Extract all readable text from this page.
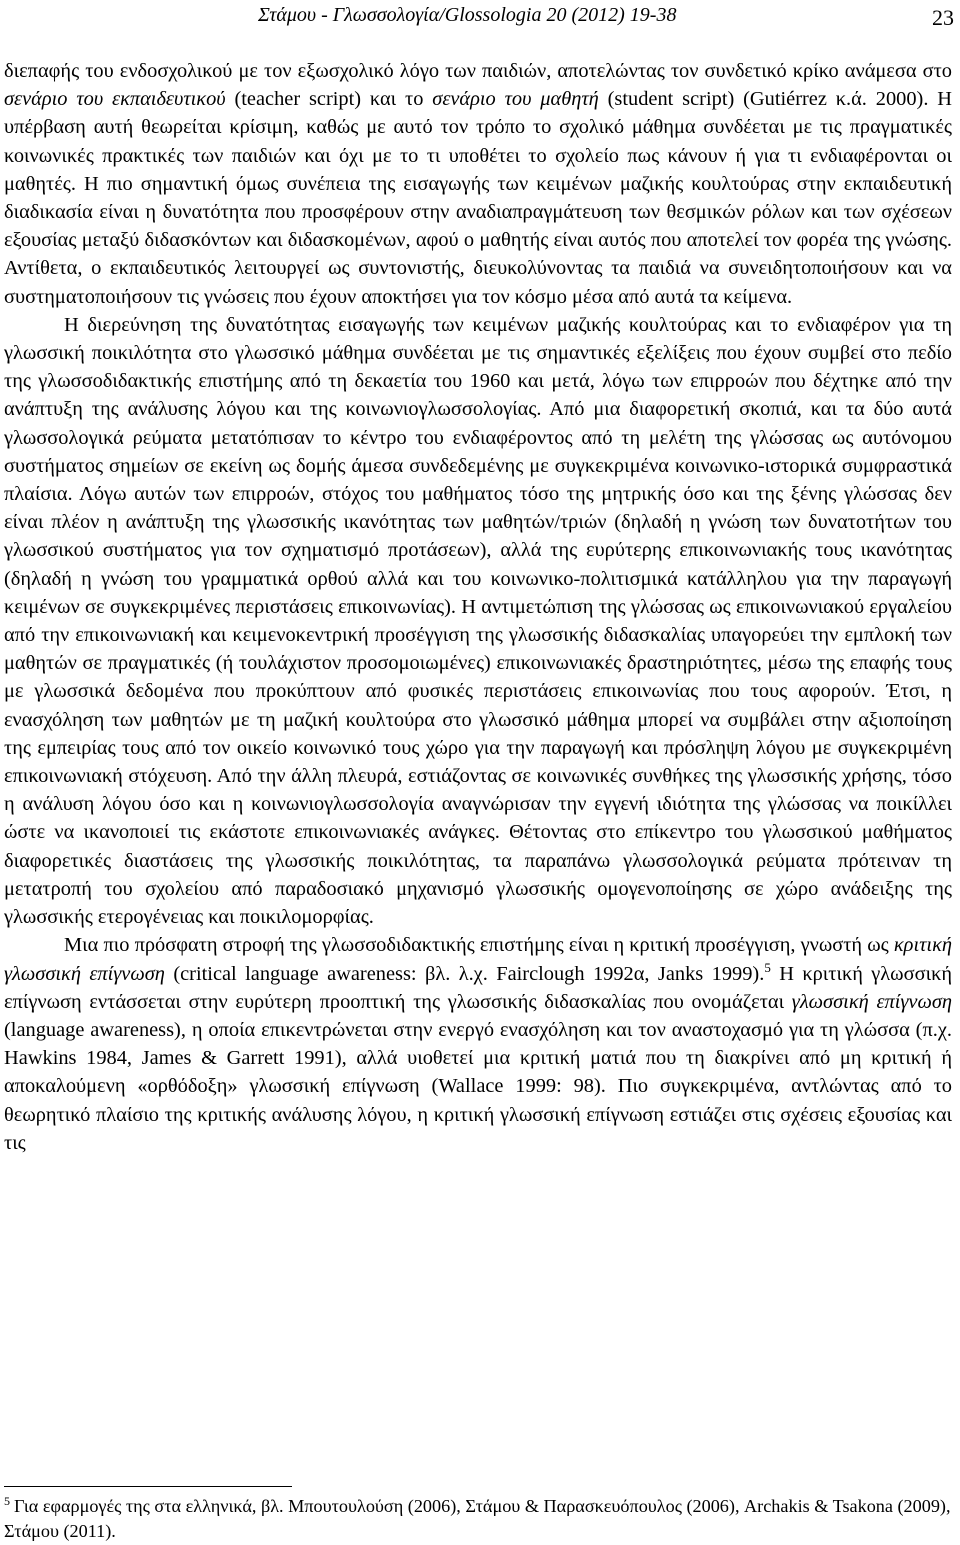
Στάμου - Γλωσσολογία/Glossologia 20 (2012) 19-38	23

διεπαφής του ενδοσχολικού με τον εξωσχολικό λόγο των παιδιών, αποτελώντας τον συνδετικό κρίκο ανάμεσα στο σενάριο του εκπαιδευτικού (teacher script) και το σενάριο του μαθητή (student script) (Gutiérrez κ.ά. 2000). Η υπέρβαση αυτή θεωρείται κρίσιμη, καθώς με αυτό τον τρόπο το σχολικό μάθημα συνδέεται με τις πραγματικές κοινωνικές πρακτικές των παιδιών και όχι με το τι υποθέτει το σχολείο πως κάνουν ή για τι ενδιαφέρονται οι μαθητές. Η πιο σημαντική όμως συνέπεια της εισαγωγής των κειμένων μαζικής κουλτούρας στην εκπαιδευτική διαδικασία είναι η δυνατότητα που προσφέρουν στην αναδιαπραγμάτευση των θεσμικών ρόλων και των σχέσεων εξουσίας μεταξύ διδασκόντων και διδασκομένων, αφού ο μαθητής είναι αυτός που αποτελεί τον φορέα της γνώσης. Αντίθετα, ο εκπαιδευτικός λειτουργεί ως συντονιστής, διευκολύνοντας τα παιδιά να συνειδητοποιήσουν και να συστηματοποιήσουν τις γνώσεις που έχουν αποκτήσει για τον κόσμο μέσα από αυτά τα κείμενα.

Η διερεύνηση της δυνατότητας εισαγωγής των κειμένων μαζικής κουλτούρας και το ενδιαφέρον για τη γλωσσική ποικιλότητα στο γλωσσικό μάθημα συνδέεται με τις σημαντικές εξελίξεις που έχουν συμβεί στο πεδίο της γλωσσοδιδακτικής επιστήμης από τη δεκαετία του 1960 και μετά, λόγω των επιρροών που δέχτηκε από την ανάπτυξη της ανάλυσης λόγου και της κοινωνιογλωσσολογίας. Από μια διαφορετική σκοπιά, και τα δύο αυτά γλωσσολογικά ρεύματα μετατόπισαν το κέντρο του ενδιαφέροντος από τη μελέτη της γλώσσας ως αυτόνομου συστήματος σημείων σε εκείνη ως δομής άμεσα συνδεδεμένης με συγκεκριμένα κοινωνικο-ιστορικά συμφραστικά πλαίσια. Λόγω αυτών των επιρροών, στόχος του μαθήματος τόσο της μητρικής όσο και της ξένης γλώσσας δεν είναι πλέον η ανάπτυξη της γλωσσικής ικανότητας των μαθητών/τριών (δηλαδή η γνώση των δυνατοτήτων του γλωσσικού συστήματος για τον σχηματισμό προτάσεων), αλλά της ευρύτερης επικοινωνιακής τους ικανότητας (δηλαδή η γνώση του γραμματικά ορθού αλλά και του κοινωνικο-πολιτισμικά κατάλληλου για την παραγωγή κειμένων σε συγκεκριμένες περιστάσεις επικοινωνίας). Η αντιμετώπιση της γλώσσας ως επικοινωνιακού εργαλείου από την επικοινωνιακή και κειμενοκεντρική προσέγγιση της γλωσσικής διδασκαλίας υπαγορεύει την εμπλοκή των μαθητών σε πραγματικές (ή τουλάχιστον προσομοιωμένες) επικοινωνιακές δραστηριότητες, μέσω της επαφής τους με γλωσσικά δεδομένα που προκύπτουν από φυσικές περιστάσεις επικοινωνίας που τους αφορούν. Έτσι, η ενασχόληση των μαθητών με τη μαζική κουλτούρα στο γλωσσικό μάθημα μπορεί να συμβάλει στην αξιοποίηση της εμπειρίας τους από τον οικείο κοινωνικό τους χώρο για την παραγωγή και πρόσληψη λόγου με συγκεκριμένη επικοινωνιακή στόχευση. Από την άλλη πλευρά, εστιάζοντας σε κοινωνικές συνθήκες της γλωσσικής χρήσης, τόσο η ανάλυση λόγου όσο και η κοινωνιογλωσσολογία αναγνώρισαν την εγγενή ιδιότητα της γλώσσας να ποικίλλει ώστε να ικανοποιεί τις εκάστοτε επικοινωνιακές ανάγκες. Θέτοντας στο επίκεντρο του γλωσσικού μαθήματος διαφορετικές διαστάσεις της γλωσσικής ποικιλότητας, τα παραπάνω γλωσσολογικά ρεύματα πρότειναν τη μετατροπή του σχολείου από παραδοσιακό μηχανισμό γλωσσικής ομογενοποίησης σε χώρο ανάδειξης της γλωσσικής ετερογένειας και ποικιλομορφίας.

Μια πιο πρόσφατη στροφή της γλωσσοδιδακτικής επιστήμης είναι η κριτική προσέγγιση, γνωστή ως κριτική γλωσσική επίγνωση (critical language awareness: βλ. λ.χ. Fairclough 1992α, Janks 1999).$^5$ Η κριτική γλωσσική επίγνωση εντάσσεται στην ευρύτερη προοπτική της γλωσσικής διδασκαλίας που ονομάζεται γλωσσική επίγνωση (language awareness), η οποία επικεντρώνεται στην ενεργό ενασχόληση και τον αναστοχασμό για τη γλώσσα (π.χ. Hawkins 1984, James & Garrett 1991), αλλά υιοθετεί μια κριτική ματιά που τη διακρίνει από μη κριτική ή αποκαλούμενη «ορθόδοξη» γλωσσική επίγνωση (Wallace 1999: 98). Πιο συγκεκριμένα, αντλώντας από το θεωρητικό πλαίσιο της κριτικής ανάλυσης λόγου, η κριτική γλωσσική επίγνωση εστιάζει στις σχέσεις εξουσίας και τις

$^5$ Για εφαρμογές της στα ελληνικά, βλ. Μπουτουλούση (2006), Στάμου & Παρασκευόπουλος (2006), Archakis & Tsakona (2009), Στάμου (2011).
